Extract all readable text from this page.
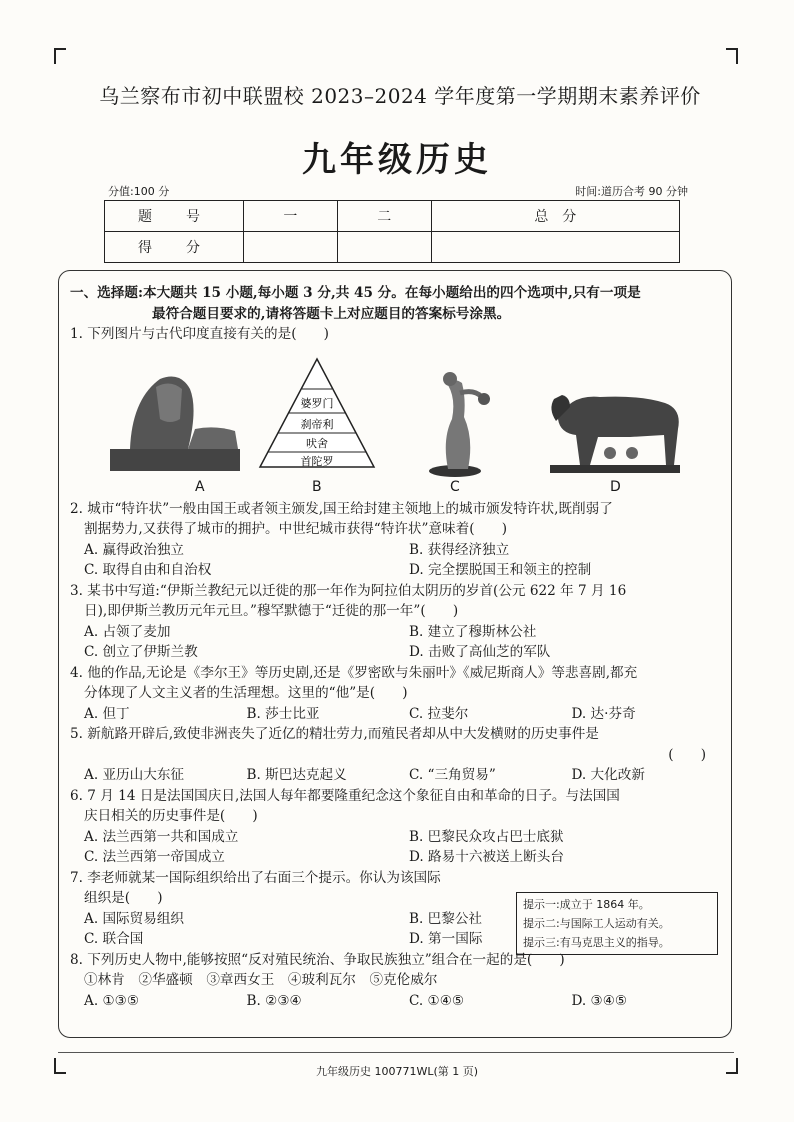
乌兰察布市初中联盟校 2023–2024 学年度第一学期期末素养评价
九年级历史
分值:100 分	时间:道历合考 90 分钟
题　号	一	二	总　分
得　分			
一、选择题:本大题共 15 小题,每小题 3 分,共 45 分。在每小题给出的四个选项中,只有一项是
最符合题目要求的,请将答题卡上对应题目的答案标号涂黑。
1. 下列图片与古代印度直接有关的是(　　)
婆罗门
刹帝利
吠舍
首陀罗
A	B	C	D
2. 城市“特许状”一般由国王或者领主颁发,国王给封建主领地上的城市颁发特许状,既削弱了
割据势力,又获得了城市的拥护。中世纪城市获得“特许状”意味着(　　)
A. 赢得政治独立	B. 获得经济独立
C. 取得自由和自治权	D. 完全摆脱国王和领主的控制
3. 某书中写道:“伊斯兰教纪元以迁徙的那一年作为阿拉伯太阴历的岁首(公元 622 年 7 月 16
日),即伊斯兰教历元年元旦。”穆罕默德于“迁徙的那一年”(　　)
A. 占领了麦加	B. 建立了穆斯林公社
C. 创立了伊斯兰教	D. 击败了高仙芝的军队
4. 他的作品,无论是《李尔王》等历史剧,还是《罗密欧与朱丽叶》《威尼斯商人》等悲喜剧,都充
分体现了人文主义者的生活理想。这里的“他”是(　　)
A. 但丁	B. 莎士比亚	C. 拉斐尔	D. 达·芬奇
5. 新航路开辟后,致使非洲丧失了近亿的精壮劳力,而殖民者却从中大发横财的历史事件是
(　　)
A. 亚历山大东征	B. 斯巴达克起义	C. “三角贸易”	D. 大化改新
6. 7 月 14 日是法国国庆日,法国人每年都要隆重纪念这个象征自由和革命的日子。与法国国
庆日相关的历史事件是(　　)
A. 法兰西第一共和国成立	B. 巴黎民众攻占巴士底狱
C. 法兰西第一帝国成立	D. 路易十六被送上断头台
7. 李老师就某一国际组织给出了右面三个提示。你认为该国际
组织是(　　)
A. 国际贸易组织	B. 巴黎公社
C. 联合国	D. 第一国际
8. 下列历史人物中,能够按照“反对殖民统治、争取民族独立”组合在一起的是(　　)
①林肯　②华盛顿　③章西女王　④玻利瓦尔　⑤克伦威尔
A. ①③⑤	B. ②③④	C. ①④⑤	D. ③④⑤
提示一:成立于 1864 年。
提示二:与国际工人运动有关。
提示三:有马克思主义的指导。
九年级历史 100771WL(第 1 页)
